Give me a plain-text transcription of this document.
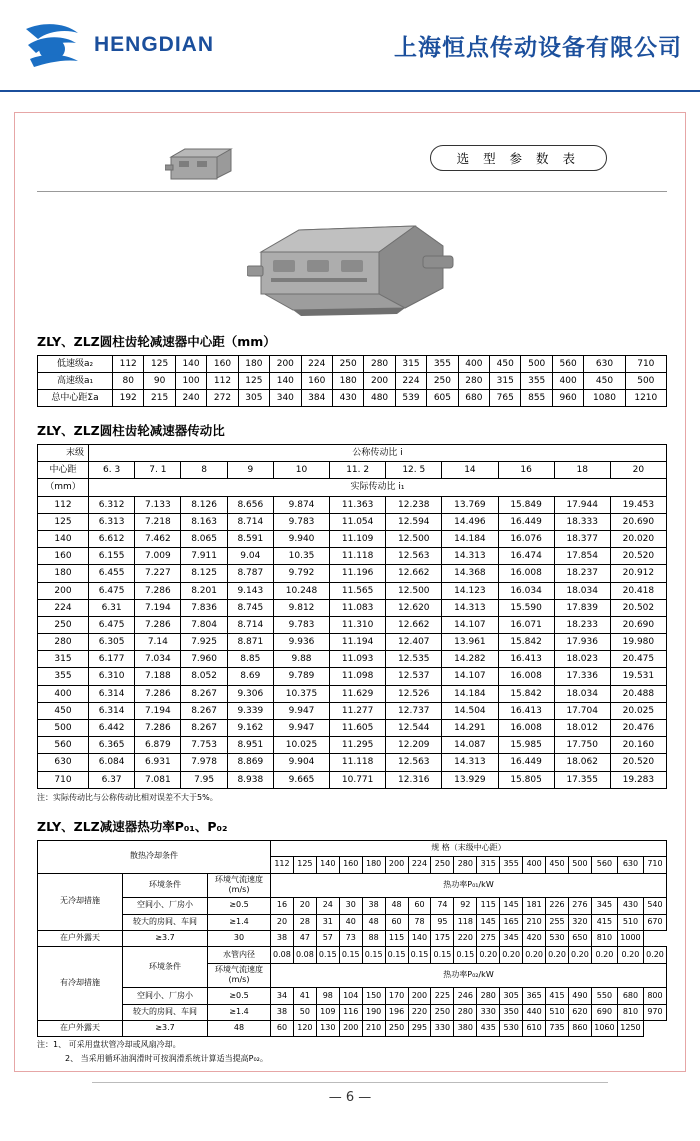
HENGDIAN	上海恒点传动设备有限公司
选 型 参 数 表
ZLY、ZLZ圆柱齿轮减速器中心距（mm）
低速级a₂	112	125	140	160	180	200	224	250	280	315	355	400	450	500	560	630	710
高速级a₁	80	90	100	112	125	140	160	180	200	224	250	280	315	355	400	450	500
总中心距Σa	192	215	240	272	305	340	384	430	480	539	605	680	765	855	960	1080	1210
ZLY、ZLZ圆柱齿轮减速器传动比
末级	公称传动比 i										
中心距	6. 3	7. 1	8	9	10	11. 2	12. 5	14	16	18	20
（mm）	实际传动比 i₁										
112	6.312	7.133	8.126	8.656	9.874	11.363	12.238	13.769	15.849	17.944	19.453
125	6.313	7.218	8.163	8.714	9.783	11.054	12.594	14.496	16.449	18.333	20.690
140	6.612	7.462	8.065	8.591	9.940	11.109	12.500	14.184	16.076	18.377	20.020
160	6.155	7.009	7.911	9.04	10.35	11.118	12.563	14.313	16.474	17.854	20.520
180	6.455	7.227	8.125	8.787	9.792	11.196	12.662	14.368	16.008	18.237	20.912
200	6.475	7.286	8.201	9.143	10.248	11.565	12.500	14.123	16.034	18.034	20.418
224	6.31	7.194	7.836	8.745	9.812	11.083	12.620	14.313	15.590	17.839	20.502
250	6.475	7.286	7.804	8.714	9.783	11.310	12.662	14.107	16.071	18.233	20.690
280	6.305	7.14	7.925	8.871	9.936	11.194	12.407	13.961	15.842	17.936	19.980
315	6.177	7.034	7.960	8.85	9.88	11.093	12.535	14.282	16.413	18.023	20.475
355	6.310	7.188	8.052	8.69	9.789	11.098	12.537	14.107	16.008	17.336	19.531
400	6.314	7.286	8.267	9.306	10.375	11.629	12.526	14.184	15.842	18.034	20.488
450	6.314	7.194	8.267	9.339	9.947	11.277	12.737	14.504	16.413	17.704	20.025
500	6.442	7.286	8.267	9.162	9.947	11.605	12.544	14.291	16.008	18.012	20.476
560	6.365	6.879	7.753	8.951	10.025	11.295	12.209	14.087	15.985	17.750	20.160
630	6.084	6.931	7.978	8.869	9.904	11.118	12.563	14.313	16.449	18.062	20.520
710	6.37	7.081	7.95	8.938	9.665	10.771	12.316	13.929	15.805	17.355	19.283

注：实际传动比与公称传动比相对误差不大于5%。

ZLY、ZLZ减速器热功率P₀₁、P₀₂
散热冷却条件			规 格（末级中心距）																
			112	125	140	160	180	200	224	250	280	315	355	400	450	500	560	630	710
无冷却措施	环境条件	环境气流速度(m/s)	热功率P₀₁/kW																
	空间小、厂房小	≥0.5	16	20	24	30	38	48	60	74	92	115	145	181	226	276	345	430	540
	较大的房间、车间	≥1.4	20	28	31	40	48	60	78	95	118	145	165	210	255	320	415	510	670
在户外露天	≥3.7	30	38	47	57	73	88	115	140	175	220	275	345	420	530	650	810	1000	
有冷却措施	环境条件	水管内径	0.08	0.08	0.15	0.15	0.15	0.15	0.15	0.15	0.15	0.20	0.20	0.20	0.20	0.20	0.20	0.20	0.20
		环境气流速度(m/s)	热功率P₀₂/kW																
	空间小、厂房小	≥0.5	34	41	98	104	150	170	200	225	246	280	305	365	415	490	550	680	800
	较大的房间、车间	≥1.4	38	50	109	116	190	196	220	250	280	330	350	440	510	620	690	810	970
在户外露天	≥3.7	48	60	120	130	200	210	250	295	330	380	435	530	610	735	860	1060	1250	

注：1、 可采用盘状管冷却或风扇冷却。

2、 当采用循环油润滑时可按润滑系统计算适当提高P₀₂。

— 6 —
